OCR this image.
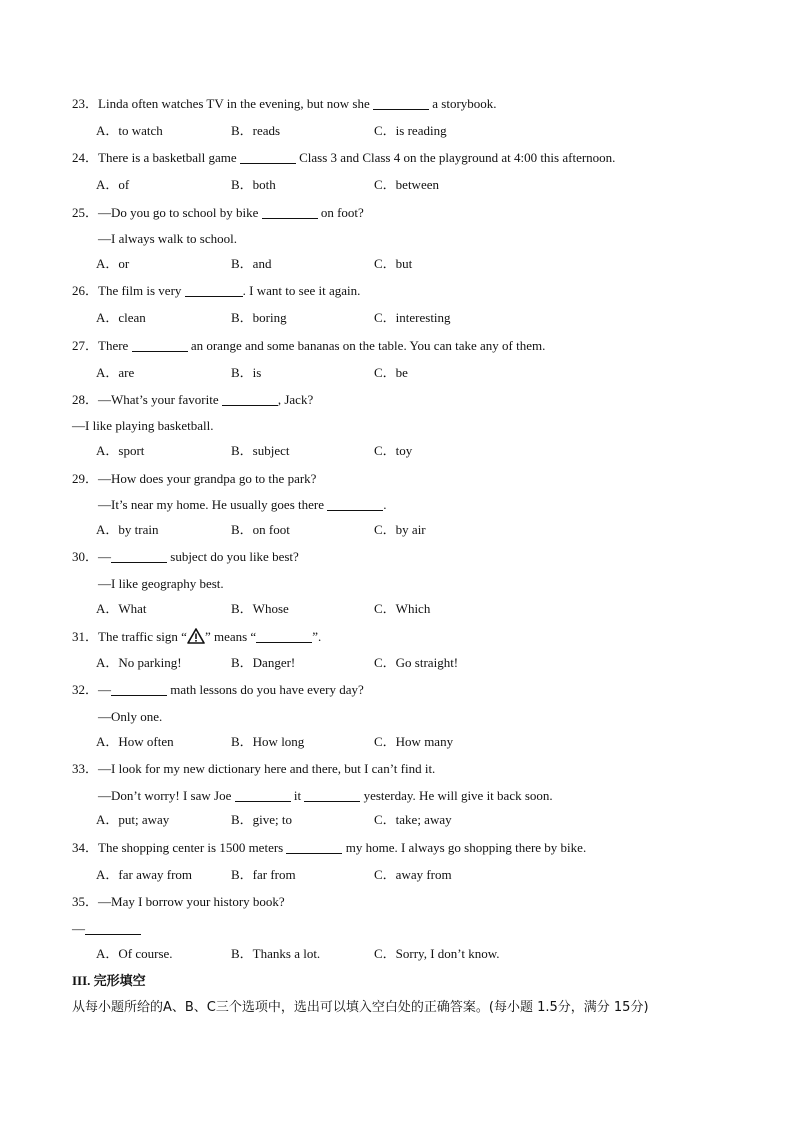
23．Linda often watches TV in the evening, but now she	a storybook.
A．to watch	B．reads	C．is reading
24．There is a basketball game	Class 3 and Class 4 on the playground at 4:00 this afternoon.
A．of	B．both	C．between
25．—Do you go to school by bike	on foot?
—I always walk to school.
A．or	B．and	C．but
26．The film is very	. I want to see it again.
A．clean	B．boring	C．interesting
27．There	an orange and some bananas on the table. You can take any of them.
A．are	B．is	C．be
28．—What’s your favorite	, Jack?
—I like playing basketball.
A．sport	B．subject	C．toy
29．—How does your grandpa go to the park?
—It’s near my home. He usually goes there	.
A．by train	B．on foot	C．by air
30．—	subject do you like best?
—I like geography best.
A．What	B．Whose	C．Which
31．The traffic sign “ ” means “	”.
A．No parking!	B．Danger!	C．Go straight!
32．—	math lessons do you have every day?
—Only one.
A．How often	B．How long	C．How many
33．—I look for my new dictionary here and there, but I can’t find it.
—Don’t worry! I saw Joe	it	yesterday. He will give it back soon.
A．put; away	B．give; to	C．take; away
34．The shopping center is 1500 meters	my home. I always go shopping there by bike.
A．far away from	B．far from	C．away from
35．—May I borrow your history book?
—
A．Of course.	B．Thanks a lot.	C．Sorry, I don’t know.
III. 完形填空
从每小题所给的A、B、C三个选项中，选出可以填入空白处的正确答案。(每小题 1.5分，满分 15分)
